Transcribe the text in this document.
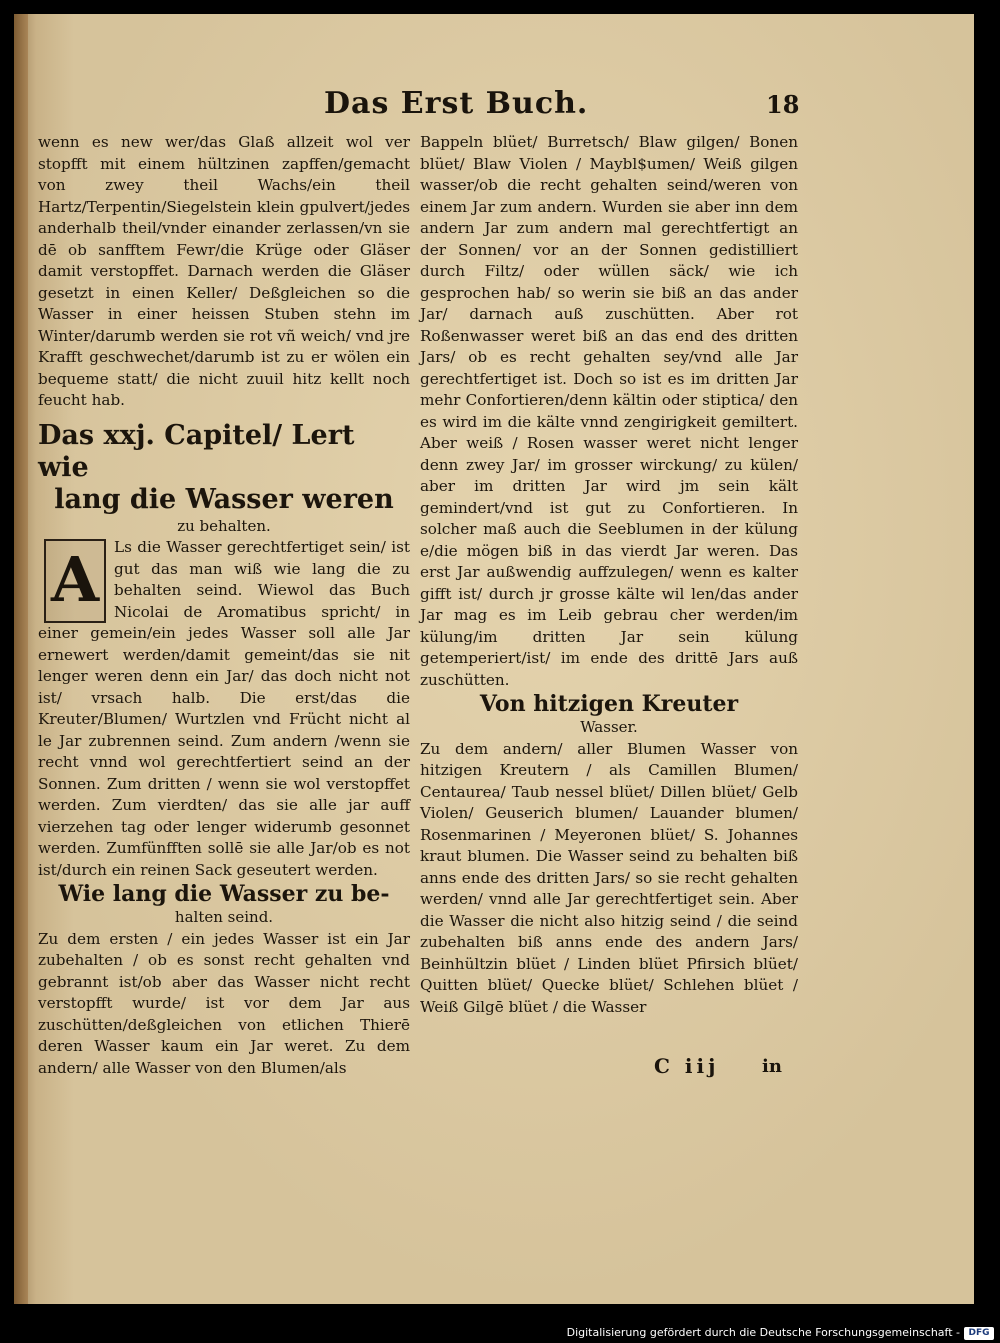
Das Erst Buch.	18

wenn es new wer/das Glaß allzeit wol ver stopfft mit einem hültzinen zapffen/gemacht von zwey theil Wachs/ein theil Hartz/Terpentin/Siegelstein klein gpulvert/jedes anderhalb theil/vnder einander zerlassen/vn sie dē ob sanfftem Fewr/die Krüge oder Gläser damit verstopffet. Darnach werden die Gläser gesetzt in einen Keller/ Deßgleichen so die Wasser in einer heissen Stuben stehn im Winter/darumb werden sie rot vñ weich/ vnd jre Krafft geschwechet/darumb ist zu er wölen ein bequeme statt/ die nicht zuuil hitz kellt noch feucht hab.

Das xxj. Capitel/ Lert wie
lang die Wasser weren

zu behalten.

A Ls die Wasser gerechtfertiget sein/ ist gut das man wiß wie lang die zu behalten seind. Wiewol das Buch Nicolai de Aromatibus spricht/ in einer gemein/ein jedes Wasser soll alle Jar ernewert werden/damit gemeint/das sie nit lenger weren denn ein Jar/ das doch nicht not ist/ vrsach halb. Die erst/das die Kreuter/Blumen/ Wurtzlen vnd Frücht nicht al le Jar zubrennen seind. Zum andern /wenn sie recht vnnd wol gerechtfertiert seind an der Sonnen. Zum dritten / wenn sie wol verstopffet werden. Zum vierdten/ das sie alle jar auff vierzehen tag oder lenger widerumb gesonnet werden. Zumfünfften sollē sie alle Jar/ob es not ist/durch ein reinen Sack geseutert werden.

Wie lang die Wasser zu be-

halten seind.

Zu dem ersten / ein jedes Wasser ist ein Jar zubehalten / ob es sonst recht gehalten vnd gebrannt ist/ob aber das Wasser nicht recht verstopfft wurde/ ist vor dem Jar aus zuschütten/deßgleichen von etlichen Thierē deren Wasser kaum ein Jar weret. Zu dem andern/ alle Wasser von den Blumen/als

Bappeln blüet/ Burretsch/ Blaw gilgen/ Bonen blüet/ Blaw Violen / Maybl$umen/ Weiß gilgen wasser/ob die recht gehalten seind/weren von einem Jar zum andern. Wurden sie aber inn dem andern Jar zum andern mal gerechtfertigt an der Sonnen/ vor an der Sonnen gedistilliert durch Filtz/ oder wüllen säck/ wie ich gesprochen hab/ so werin sie biß an das ander Jar/ darnach auß zuschütten. Aber rot Roßenwasser weret biß an das end des dritten Jars/ ob es recht gehalten sey/vnd alle Jar gerechtfertiget ist. Doch so ist es im dritten Jar mehr Confortieren/denn kältin oder stiptica/ den es wird im die kälte vnnd zengirigkeit gemiltert. Aber weiß / Rosen wasser weret nicht lenger denn zwey Jar/ im grosser wirckung/ zu külen/ aber im dritten Jar wird jm sein kält gemindert/vnd ist gut zu Confortieren. In solcher maß auch die Seeblumen in der külung e/die mögen biß in das vierdt Jar weren. Das erst Jar außwendig auffzulegen/ wenn es kalter gifft ist/ durch jr grosse kälte wil len/das ander Jar mag es im Leib gebrau cher werden/im külung/im dritten Jar sein külung getemperiert/ist/ im ende des drittē Jars auß zuschütten.

Von hitzigen Kreuter

Wasser.

Zu dem andern/ aller Blumen Wasser von hitzigen Kreutern / als Camillen Blumen/ Centaurea/ Taub nessel blüet/ Dillen blüet/ Gelb Violen/ Geuserich blumen/ Lauander blumen/ Rosenmarinen / Meyeronen blüet/ S. Johannes kraut blumen. Die Wasser seind zu behalten biß anns ende des dritten Jars/ so sie recht gehalten werden/ vnnd alle Jar gerechtfertiget sein. Aber die Wasser die nicht also hitzig seind / die seind zubehalten biß anns ende des andern Jars/ Beinhültzin blüet / Linden blüet Pfirsich blüet/ Quitten blüet/ Quecke blüet/ Schlehen blüet / Weiß Gilgē blüet / die Wasser

C iij in
Digitalisierung gefördert durch die Deutsche Forschungsgemeinschaft - DFG
